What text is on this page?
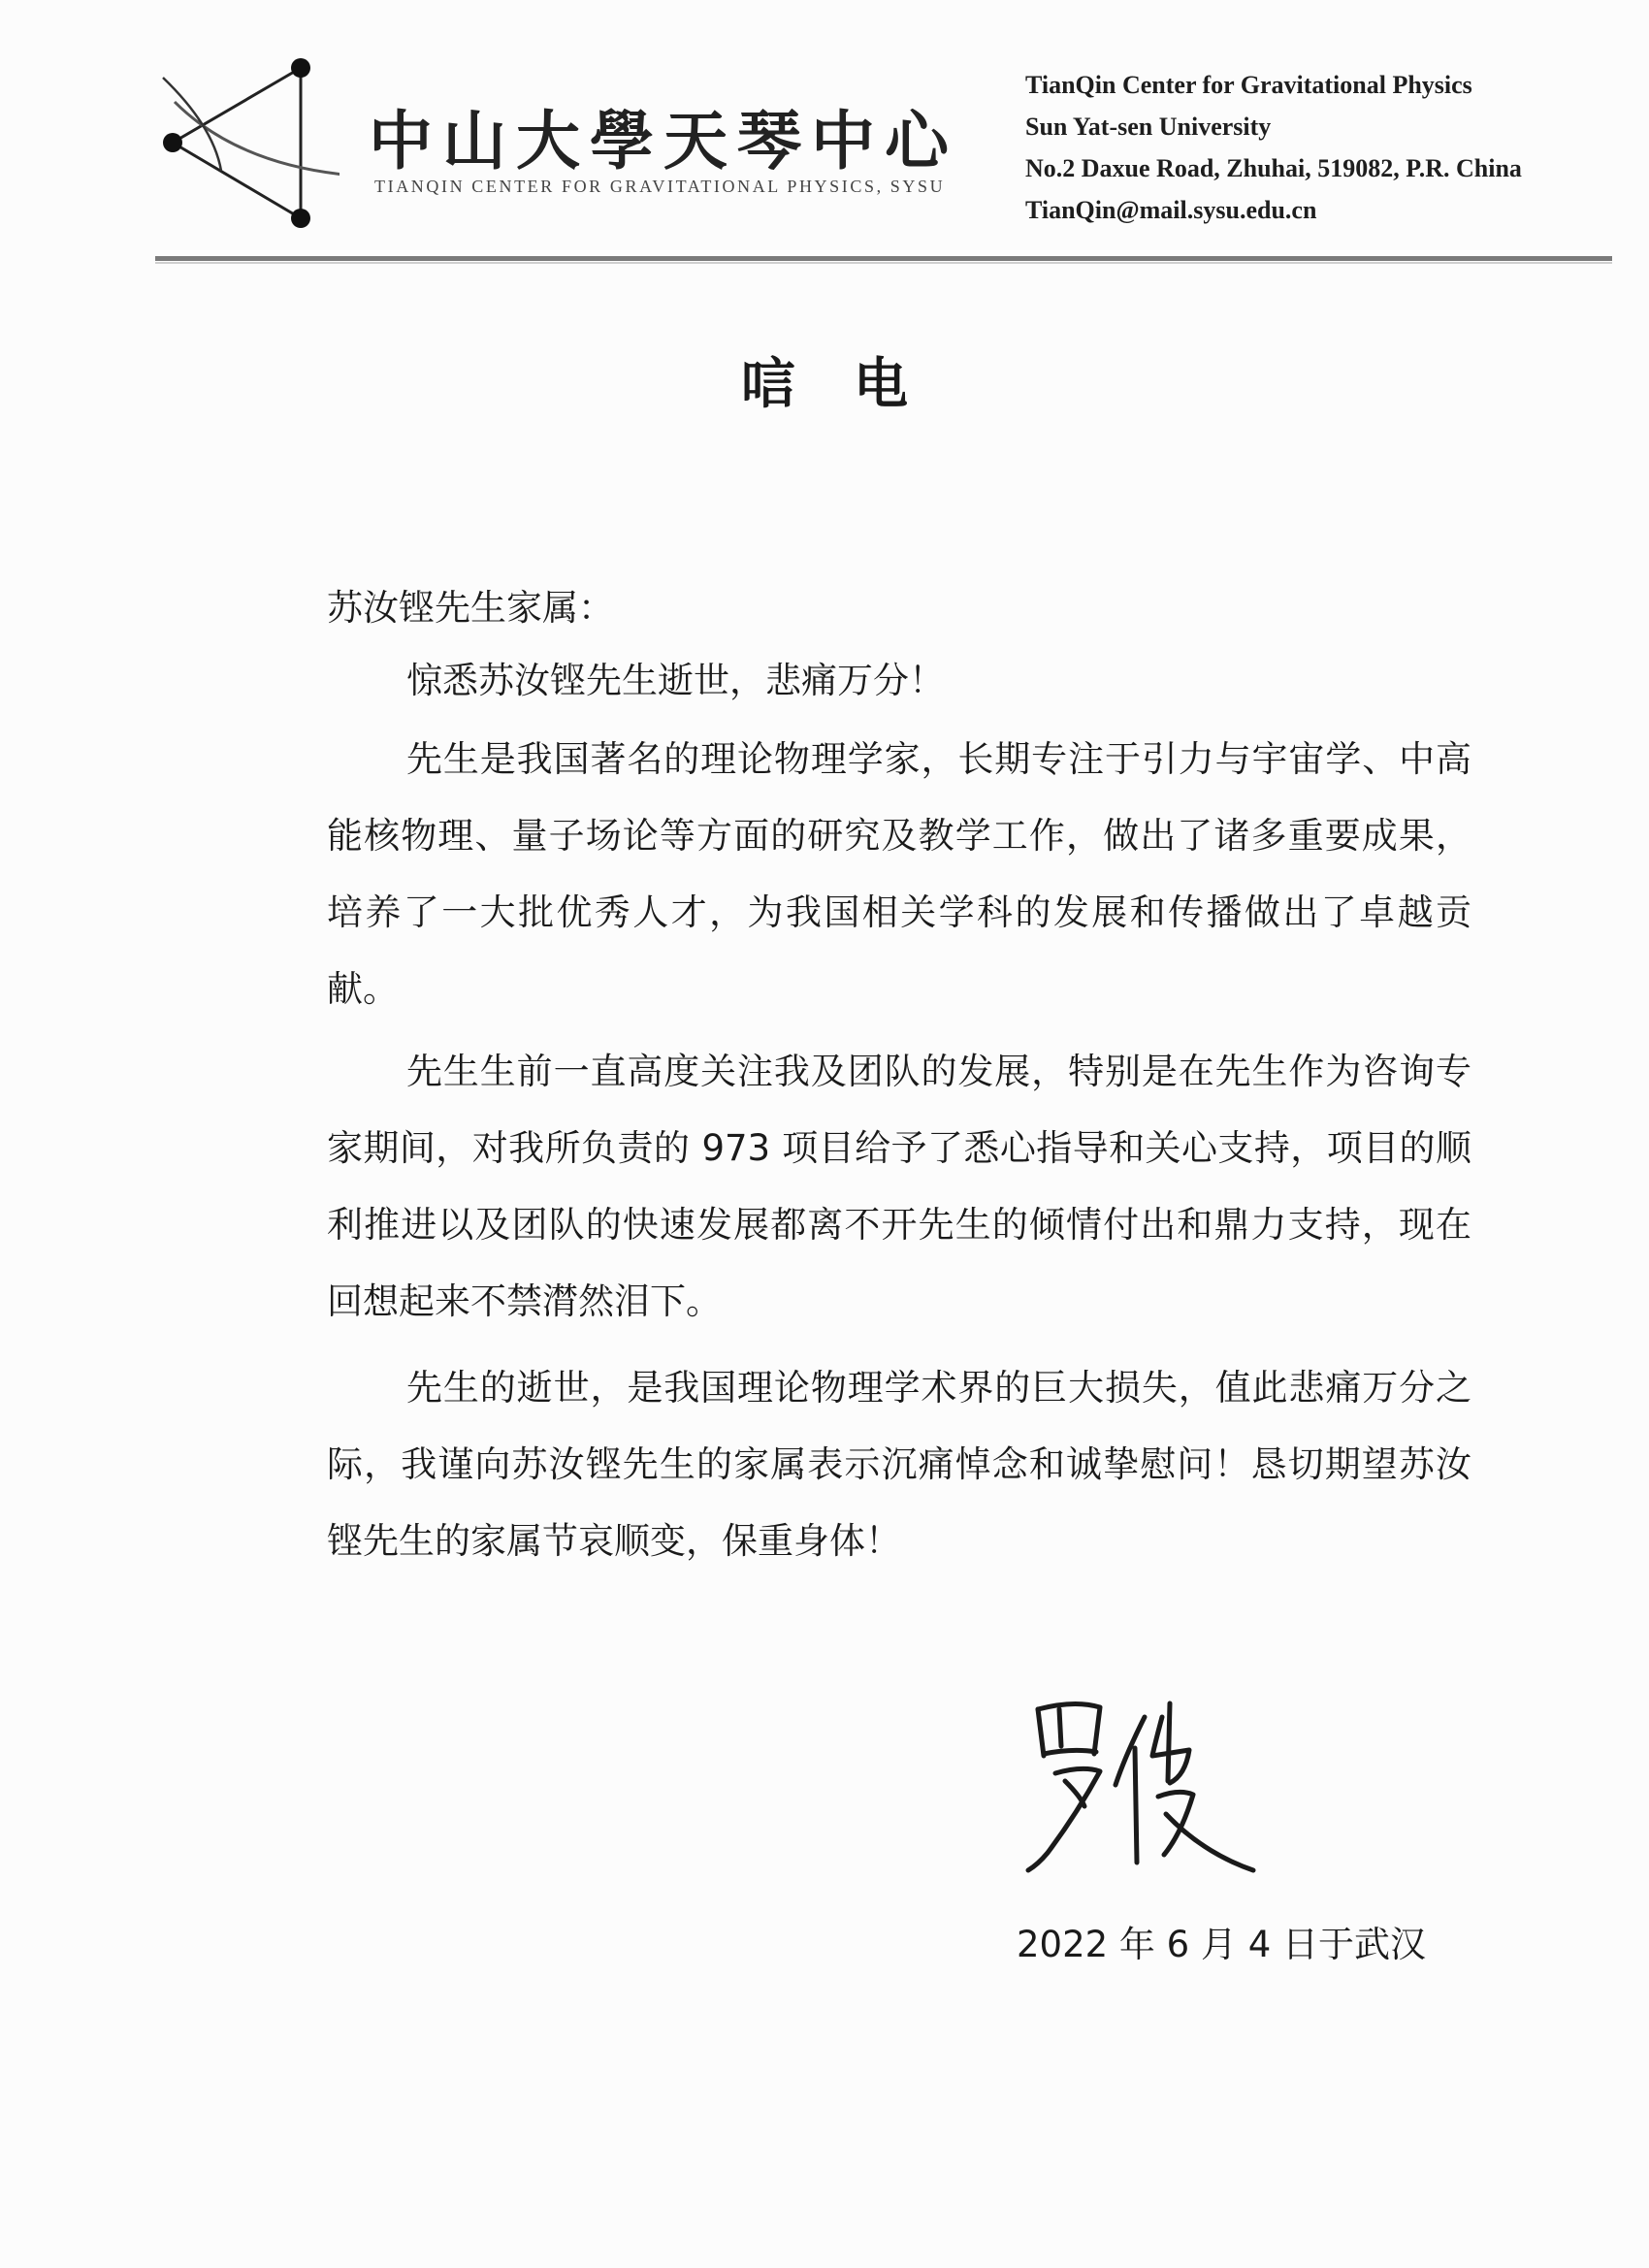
中山大學天琴中心
TIANQIN CENTER FOR GRAVITATIONAL PHYSICS, SYSU
TianQin Center for Gravitational Physics
Sun Yat-sen University
No.2 Daxue Road, Zhuhai, 519082, P.R. China
TianQin@mail.sysu.edu.cn
唁电
苏汝铿先生家属：
惊悉苏汝铿先生逝世，悲痛万分！
先生是我国著名的理论物理学家，长期专注于引力与宇宙学、中高能核物理、量子场论等方面的研究及教学工作，做出了诸多重要成果，培养了一大批优秀人才，为我国相关学科的发展和传播做出了卓越贡献。
先生生前一直高度关注我及团队的发展，特别是在先生作为咨询专家期间，对我所负责的 973 项目给予了悉心指导和关心支持，项目的顺利推进以及团队的快速发展都离不开先生的倾情付出和鼎力支持，现在回想起来不禁潸然泪下。
先生的逝世，是我国理论物理学术界的巨大损失，值此悲痛万分之际，我谨向苏汝铿先生的家属表示沉痛悼念和诚挚慰问！恳切期望苏汝铿先生的家属节哀顺变，保重身体！
2022 年 6 月 4 日于武汉
